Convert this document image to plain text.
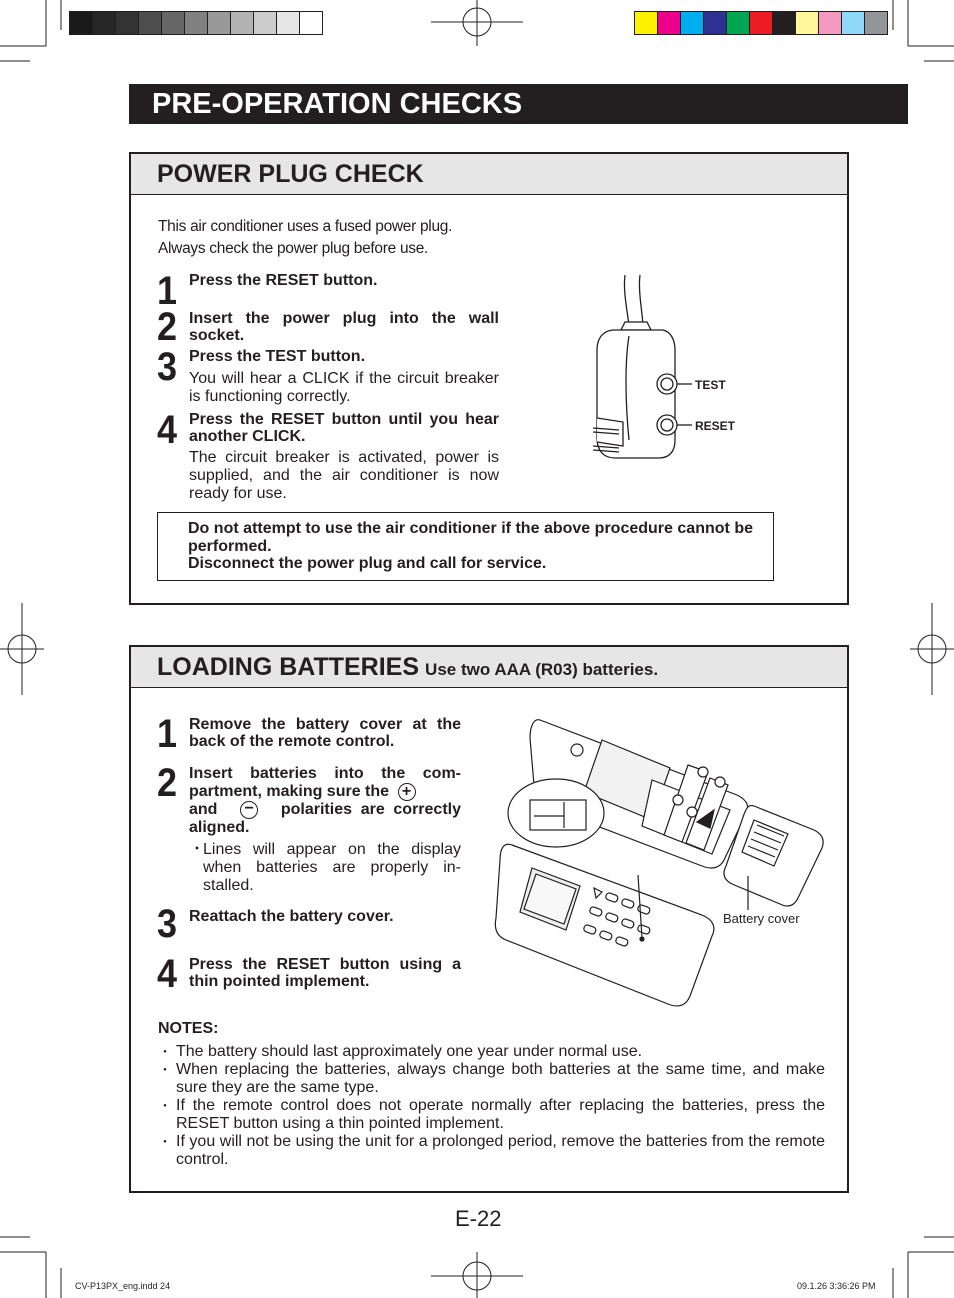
PRE-OPERATION CHECKS
POWER PLUG CHECK
This air conditioner uses a fused power plug.
Always check the power plug before use.
1 Press the RESET button.
2 Insert the power plug into the wall socket.
3 Press the TEST button.
You will hear a CLICK if the circuit breaker is functioning correctly.
4 Press the RESET button until you hear another CLICK.
The circuit breaker is activated, power is supplied, and the air conditioner is now ready for use.
TEST
RESET
Do not attempt to use the air conditioner if the above procedure cannot be performed.
Disconnect the power plug and call for service.
LOADING BATTERIES Use two AAA (R03) batteries.
1 Remove the battery cover at the back of the remote control.
2 Insert batteries into the com-partment, making sure the +
and − polarities are correctly aligned.
・
Lines will appear on the display when batteries are properly in-stalled.
3 Reattach the battery cover.
4 Press the RESET button using a thin pointed implement.
Battery cover
NOTES:
・ The battery should last approximately one year under normal use.
・ When replacing the batteries, always change both batteries at the same time, and make sure they are the same type.
・ If the remote control does not operate normally after replacing the batteries, press the RESET button using a thin pointed implement.
・ If you will not be using the unit for a prolonged period, remove the batteries from the remote control.
E-22
CV-P13PX_eng.indd 24	09.1.26 3:36:26 PM
